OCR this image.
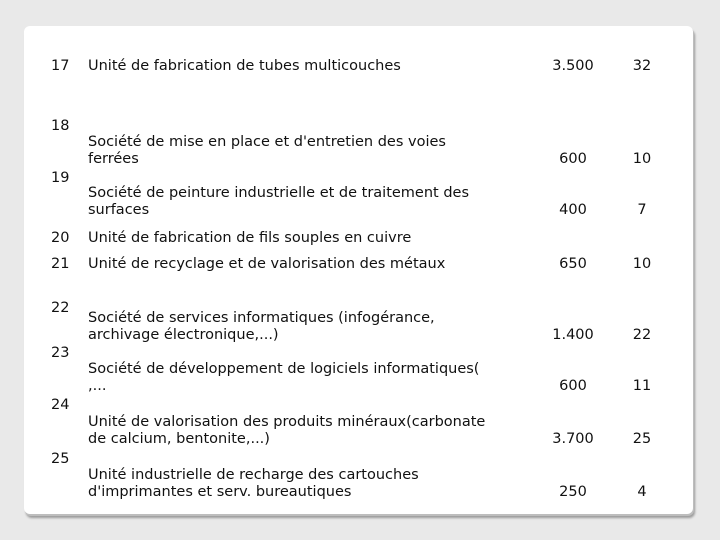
17
18
19
20
21
22
23
24
25
Unité de fabrication de tubes multicouches
Société de mise en place et d'entretien des voies
ferrées
Société de peinture industrielle et de traitement des
surfaces
Unité de fabrication de fils souples en cuivre
Unité de recyclage et de valorisation des métaux
Société de services informatiques (infogérance,
archivage électronique,...)
Société de développement de logiciels informatiques(
,...
Unité de valorisation des produits minéraux(carbonate
de calcium, bentonite,...)
Unité industrielle de recharge des cartouches
d'imprimantes et serv. bureautiques
3.500
600
400
650
1.400
600
3.700
250
32
10
7
10
22
11
25
4
